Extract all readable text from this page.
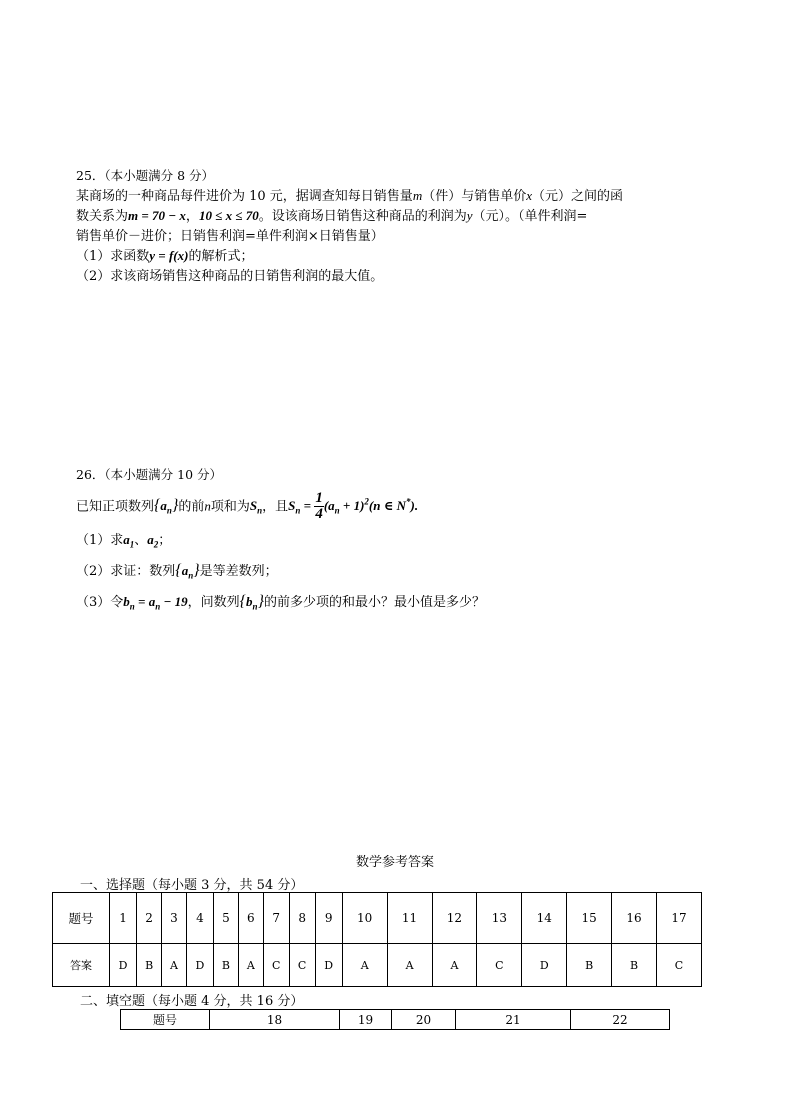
25．（本小题满分 8 分）
某商场的一种商品每件进价为 10 元，据调查知每日销售量m（件）与销售单价x（元）之间的函
数关系为m = 70 − x，10 ≤ x ≤ 70。设该商场日销售这种商品的利润为y（元）。（单件利润=
销售单价－进价；日销售利润=单件利润×日销售量）
（1）求函数y = f(x)的解析式；
（2）求该商场销售这种商品的日销售利润的最大值。
26．（本小题满分 10 分）
已知正项数列$\{a_n\}$的前n项和为$S_n$，且$S_n = \frac{1}{4} (a_n + 1)^2(n$ ∈ N*).
（1）求$a_1$、$a_2$；
（2）求证：数列$\{a_n\}$是等差数列；
（3）令$b_n = a_n - 19$，问数列$\{b_n\}$的前多少项的和最小？最小值是多少？
数学参考答案
一、选择题（每小题 3 分，共 54 分）
题号	1	2	3	4	5	6	7	8	9	10	11	12	13	14	15	16	17
答案	D	B	A	D	B	A	C	C	D	A	A	A	C	D	B	B	C
二、填空题（每小题 4 分，共 16 分）
题号	18	19	20	21	22
